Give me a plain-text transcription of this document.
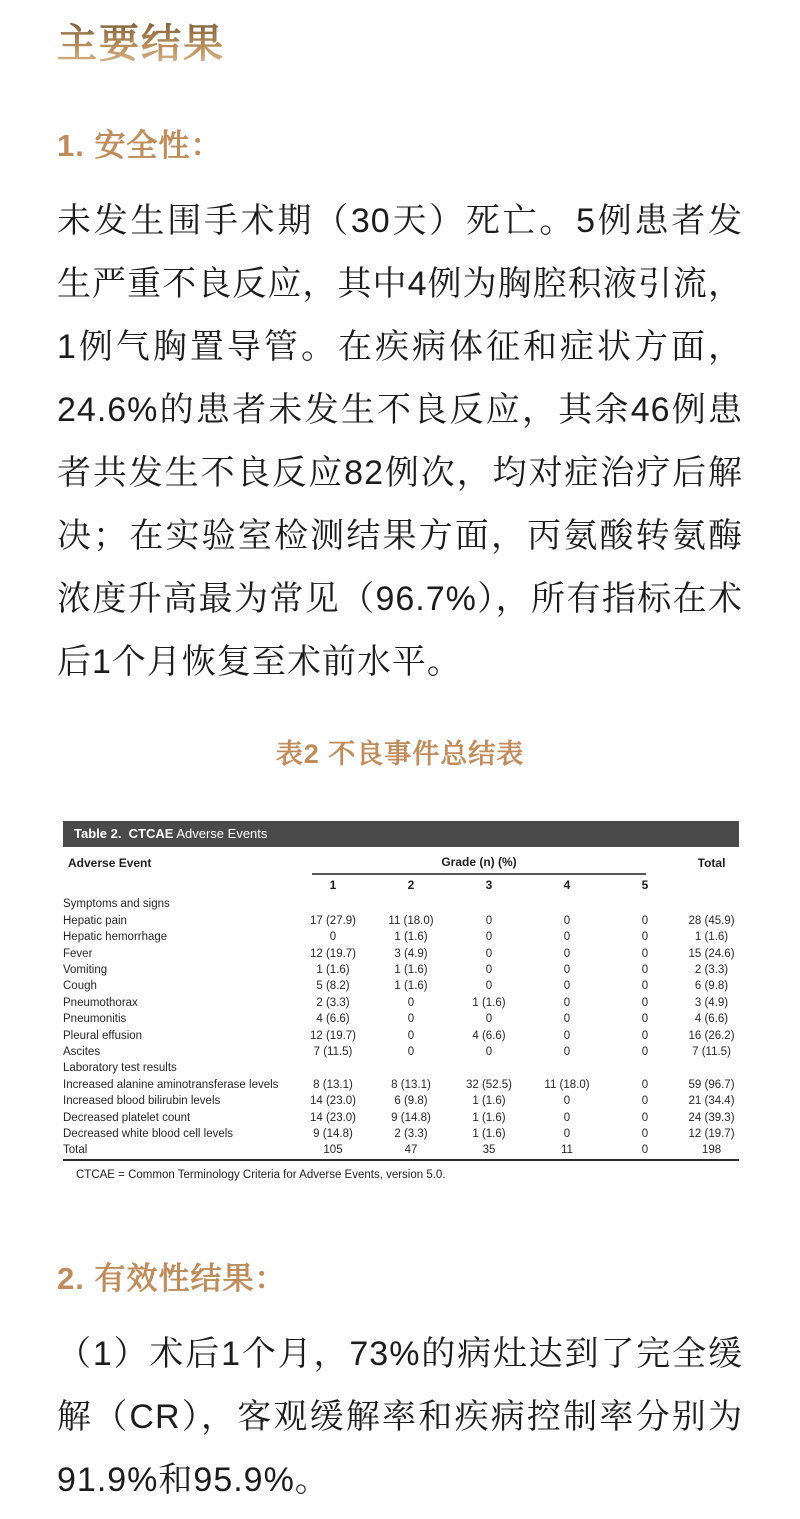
主要结果
1. 安全性：

未发生围手术期（30天）死亡。5例患者发生严重不良反应，其中4例为胸腔积液引流，1例气胸置导管。在疾病体征和症状方面，24.6%的患者未发生不良反应，其余46例患者共发生不良反应82例次，均对症治疗后解决；在实验室检测结果方面，丙氨酸转氨酶浓度升高最为常见（96.7%），所有指标在术后1个月恢复至术前水平。

表2 不良事件总结表
Table 2.  CTCAE Adverse Events
Adverse Event	Grade (n) (%)					Total
	1	2	3	4	5	
Symptoms and signs						
Hepatic pain	17 (27.9)	11 (18.0)	0	0	0	28 (45.9)
Hepatic hemorrhage	0	1 (1.6)	0	0	0	1 (1.6)
Fever	12 (19.7)	3 (4.9)	0	0	0	15 (24.6)
Vomiting	1 (1.6)	1 (1.6)	0	0	0	2 (3.3)
Cough	5 (8.2)	1 (1.6)	0	0	0	6 (9.8)
Pneumothorax	2 (3.3)	0	1 (1.6)	0	0	3 (4.9)
Pneumonitis	4 (6.6)	0	0	0	0	4 (6.6)
Pleural effusion	12 (19.7)	0	4 (6.6)	0	0	16 (26.2)
Ascites	7 (11.5)	0	0	0	0	7 (11.5)
Laboratory test results						
Increased alanine aminotransferase levels	8 (13.1)	8 (13.1)	32 (52.5)	11 (18.0)	0	59 (96.7)
Increased blood bilirubin levels	14 (23.0)	6 (9.8)	1 (1.6)	0	0	21 (34.4)
Decreased platelet count	14 (23.0)	9 (14.8)	1 (1.6)	0	0	24 (39.3)
Decreased white blood cell levels	9 (14.8)	2 (3.3)	1 (1.6)	0	0	12 (19.7)
Total	105	47	35	11	0	198
CTCAE = Common Terminology Criteria for Adverse Events, version 5.0.
2. 有效性结果：

（1）术后1个月，73%的病灶达到了完全缓解（CR），客观缓解率和疾病控制率分别为91.9%和95.9%。
